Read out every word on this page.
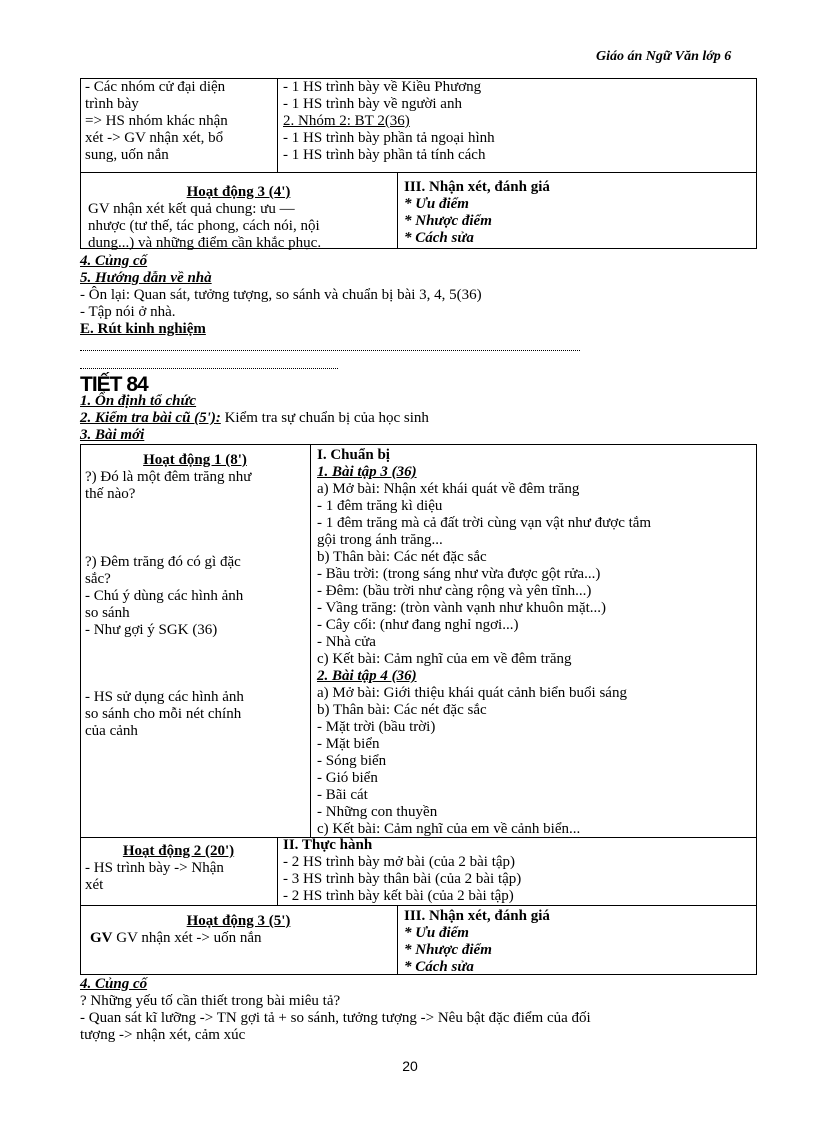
Giáo án Ngữ Văn lớp 6
- Các nhóm cử đại diện
trình bày
=> HS nhóm khác nhận
xét -> GV nhận xét, bổ
sung, uốn nắn
- 1 HS trình bày về Kiều Phương
- 1 HS trình bày về người anh
2. Nhóm 2: BT 2(36)
- 1 HS trình bày phần tả ngoại hình
- 1 HS trình bày phần tả tính cách
Hoạt động 3 (4')
GV nhận xét kết quả chung: ưu —
nhược (tư thế, tác phong, cách nói, nội
dung...) và những điểm cần khắc phục.
III. Nhận xét, đánh giá
* Ưu điểm
* Nhược điểm
* Cách sửa
4. Củng cố
5. Hướng dẫn về nhà
- Ôn lại: Quan sát, tưởng tượng, so sánh và chuẩn bị bài 3, 4, 5(36)
- Tập nói ở nhà.
E. Rút kinh nghiệm
TIẾT 84
1. Ổn định tổ chức
2. Kiểm tra bài cũ (5'): Kiểm tra sự chuẩn bị của học sinh
3. Bài mới
Hoạt động 1 (8')
?) Đó là một đêm trăng như
thế nào?
?) Đêm trăng đó có gì đặc
sắc?
- Chú ý dùng các hình ảnh
so sánh
- Như gợi ý SGK (36)
- HS sử dụng các hình ảnh
so sánh cho mỗi nét chính
của cảnh
I. Chuẩn bị
1. Bài tập 3 (36)
a) Mở bài: Nhận xét khái quát về đêm trăng
- 1 đêm trăng kì diệu
- 1 đêm trăng mà cả đất trời cùng vạn vật như được tắm
gội trong ánh trăng...
b) Thân bài: Các nét đặc sắc
- Bầu trời: (trong sáng như vừa được gột rửa...)
- Đêm: (bầu trời như càng rộng và yên tĩnh...)
- Vầng trăng: (tròn vành vạnh như khuôn mặt...)
- Cây cối: (như đang nghỉ ngơi...)
- Nhà cửa
c) Kết bài: Cảm nghĩ của em về đêm trăng
2. Bài tập 4 (36)
a) Mở bài: Giới thiệu khái quát cảnh biển buổi sáng
b) Thân bài: Các nét đặc sắc
- Mặt trời (bầu trời)
- Mặt biển
- Sóng biển
- Gió biển
- Bãi cát
- Những con thuyền
c) Kết bài: Cảm nghĩ của em về cảnh biển...
Hoạt động 2 (20')
- HS trình bày -> Nhận
xét
II. Thực hành
- 2 HS trình bày mở bài (của 2 bài tập)
- 3 HS trình bày thân bài (của 2 bài tập)
- 2 HS trình bày kết bài (của 2 bài tập)
Hoạt động 3 (5')
GV GV nhận xét -> uốn nắn
III. Nhận xét, đánh giá
* Ưu điểm
* Nhược điểm
* Cách sửa
4. Củng cố
? Những yếu tố cần thiết trong bài miêu tả?
- Quan sát kĩ lưỡng -> TN gợi tả + so sánh, tưởng tượng -> Nêu bật đặc điểm của đối
tượng -> nhận xét, cảm xúc
20
